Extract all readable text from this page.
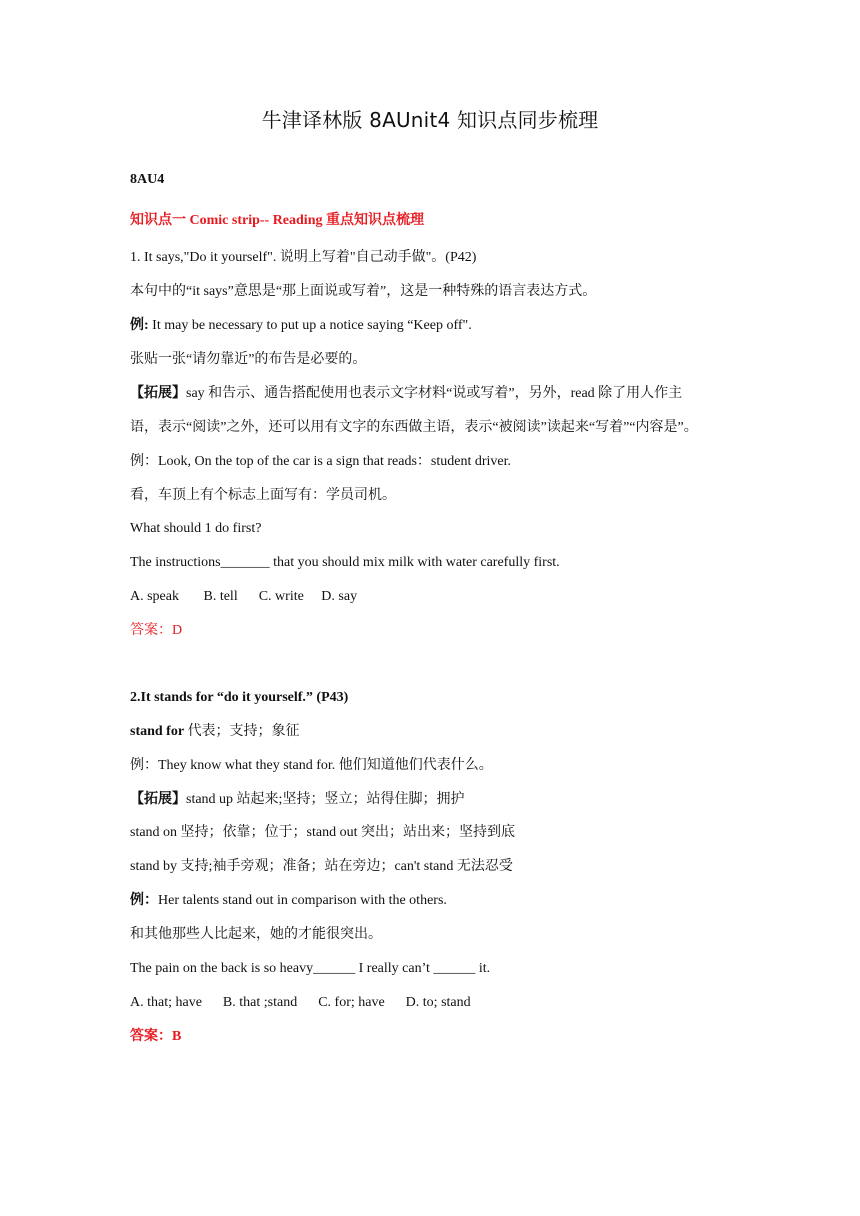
牛津译林版 8AUnit4 知识点同步梳理
8AU4
知识点一 Comic strip-- Reading 重点知识点梳理
1. It says,"Do it yourself". 说明上写着"自己动手做"。(P42)
本句中的“it says”意思是“那上面说或写着”，这是一种特殊的语言表达方式。
例: It may be necessary to put up a notice saying “Keep off".
张贴一张“请勿靠近”的布告是必要的。
【拓展】say 和告示、通告搭配使用也表示文字材料“说或写着”，另外，read 除了用人作主
语，表示“阅读”之外，还可以用有文字的东西做主语，表示“被阅读”读起来“写着”“内容是”。
例：Look, On the top of the car is a sign that reads：student driver.
看，车顶上有个标志上面写有：学员司机。
What should 1 do first?
The instructions_______ that you should mix milk with water carefully first.
A. speak       B. tell      C. write     D. say
答案：D
2.It stands for “do it yourself.” (P43)
stand for 代表；支持；象征
例：They know what they stand for. 他们知道他们代表什么。
【拓展】stand up 站起来;坚持；竖立；站得住脚；拥护
stand on 坚持；依靠；位于；stand out 突出；站出来；坚持到底
stand by 支持;袖手旁观；准备；站在旁边；can't stand 无法忍受
例：Her talents stand out in comparison with the others.
和其他那些人比起来，她的才能很突出。
The pain on the back is so heavy______ I really can’t ______ it.
A. that; have      B. that ;stand      C. for; have      D. to; stand
答案：B
